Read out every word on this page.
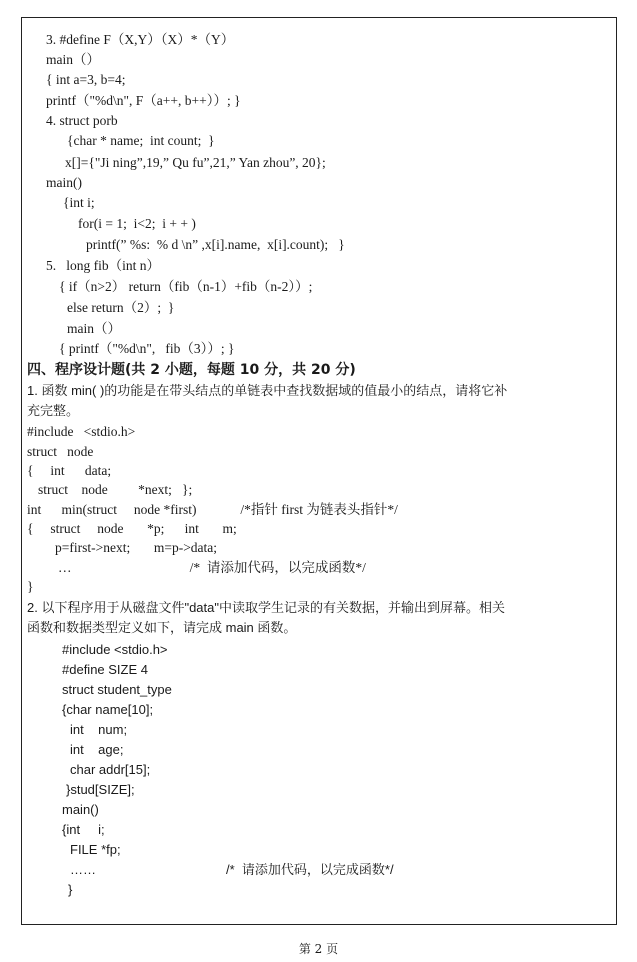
3. #define F（X,Y）（X）*（Y）
main（）
{ int a=3, b=4;
printf（"%d\n", F（a++, b++））; }
4. struct porb
{char * name;  int count;  }
x[]={"Ji ning”,19,” Qu fu”,21,” Yan zhou”, 20};
main()
{int i;
for(i = 1;  i<2;  i + + )
printf(” %s:  % d \n” ,x[i].name,  x[i].count);   }
5.   long fib（int n）
{ if（n>2） return（fib（n-1）+fib（n-2））;
else return（2）;  }
main（）
{ printf（"%d\n",   fib（3））; }
四、程序设计题(共 2 小题，每题 10 分，共 20 分)
1. 函数 min( )的功能是在带头结点的单链表中查找数据域的值最小的结点，请将它补
充完整。
#include   <stdio.h>
struct   node
{     int      data;
struct    node         *next;   };
int      min(struct     node *first)             /*指针 first 为链表头指针*/
{     struct     node       *p;      int       m;
p=first->next;       m=p->data;
…                                   /*  请添加代码，以完成函数*/
}
2. 以下程序用于从磁盘文件"data"中读取学生记录的有关数据，并输出到屏幕。相关
函数和数据类型定义如下，请完成 main 函数。
#include <stdio.h>
#define SIZE 4
struct student_type
{char name[10];
int    num;
int    age;
char addr[15];
}stud[SIZE];
main()
{int     i;
FILE *fp;
……                                    /*  请添加代码，以完成函数*/
}
第 2 页
